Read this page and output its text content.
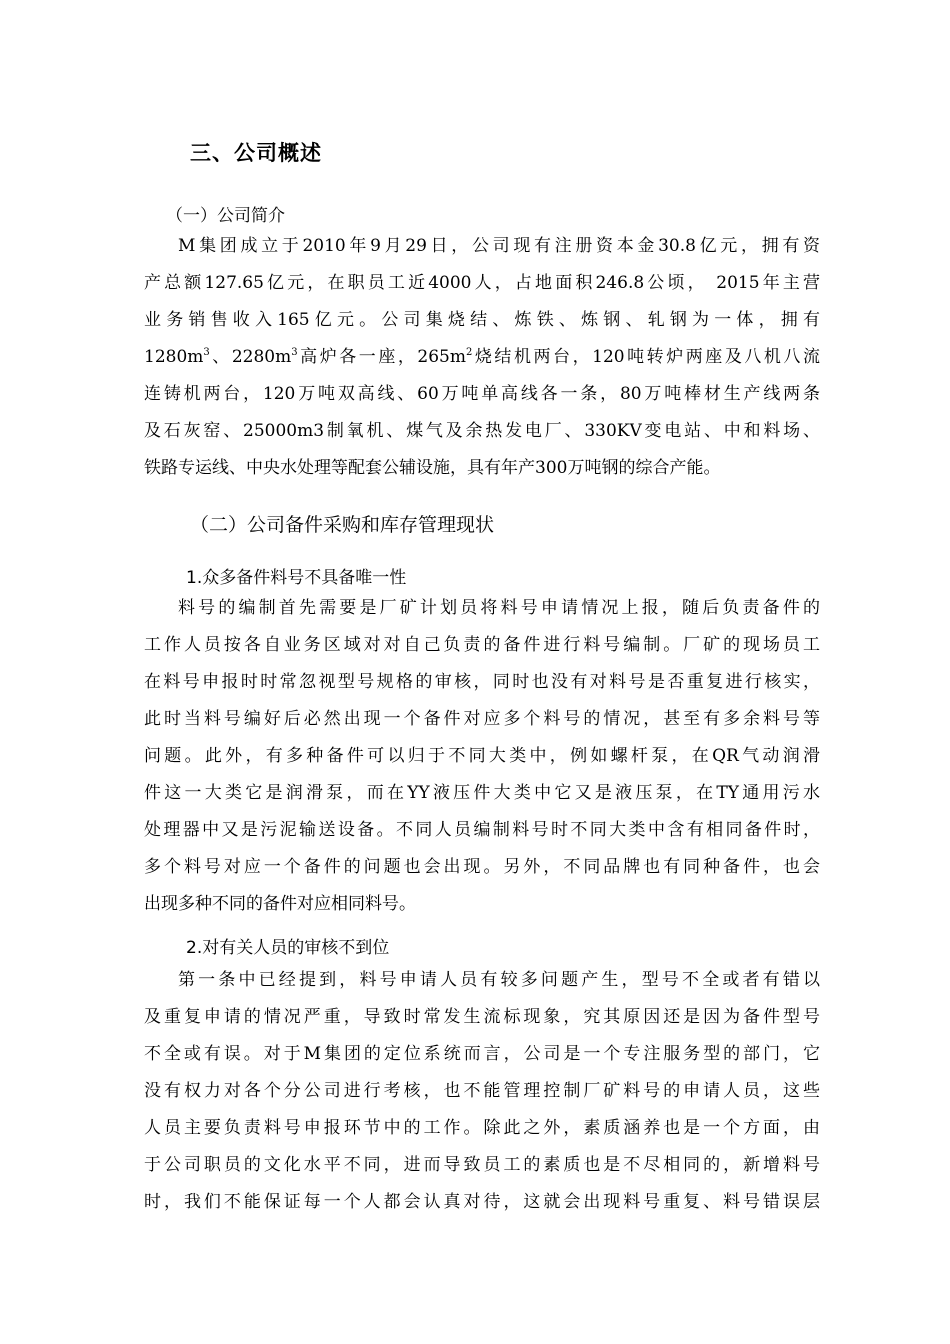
三、公司概述
（一）公司简介
M集团成立于2010年9月29日，公司现有注册资本金30.8亿元，拥有资
产总额127.65亿元，在职员工近4000人，占地面积246.8公顷， 2015年主营
业务销售收入165亿元。公司集烧结、炼铁、炼钢、轧钢为一体，拥有
$1280m^3$、$2280m^3$高炉各一座，$265m^2$烧结机两台，120吨转炉两座及八机八流
连铸机两台，120万吨双高线、60万吨单高线各一条，80万吨棒材生产线两条
及石灰窑、25000m3制氧机、煤气及余热发电厂、330KV变电站、中和料场、
铁路专运线、中央水处理等配套公辅设施，具有年产300万吨钢的综合产能。
（二）公司备件采购和库存管理现状
1.众多备件料号不具备唯一性
料号的编制首先需要是厂矿计划员将料号申请情况上报，随后负责备件的
工作人员按各自业务区域对对自己负责的备件进行料号编制。厂矿的现场员工
在料号申报时时常忽视型号规格的审核，同时也没有对料号是否重复进行核实，
此时当料号编好后必然出现一个备件对应多个料号的情况，甚至有多余料号等
问题。此外，有多种备件可以归于不同大类中，例如螺杆泵，在QR气动润滑
件这一大类它是润滑泵，而在YY液压件大类中它又是液压泵，在TY通用污水
处理器中又是污泥输送设备。不同人员编制料号时不同大类中含有相同备件时，
多个料号对应一个备件的问题也会出现。另外，不同品牌也有同种备件，也会
出现多种不同的备件对应相同料号。
2.对有关人员的审核不到位
第一条中已经提到，料号申请人员有较多问题产生，型号不全或者有错以
及重复申请的情况严重，导致时常发生流标现象，究其原因还是因为备件型号
不全或有误。对于M集团的定位系统而言，公司是一个专注服务型的部门，它
没有权力对各个分公司进行考核，也不能管理控制厂矿料号的申请人员，这些
人员主要负责料号申报环节中的工作。除此之外，素质涵养也是一个方面，由
于公司职员的文化水平不同，进而导致员工的素质也是不尽相同的，新增料号
时，我们不能保证每一个人都会认真对待，这就会出现料号重复、料号错误层
